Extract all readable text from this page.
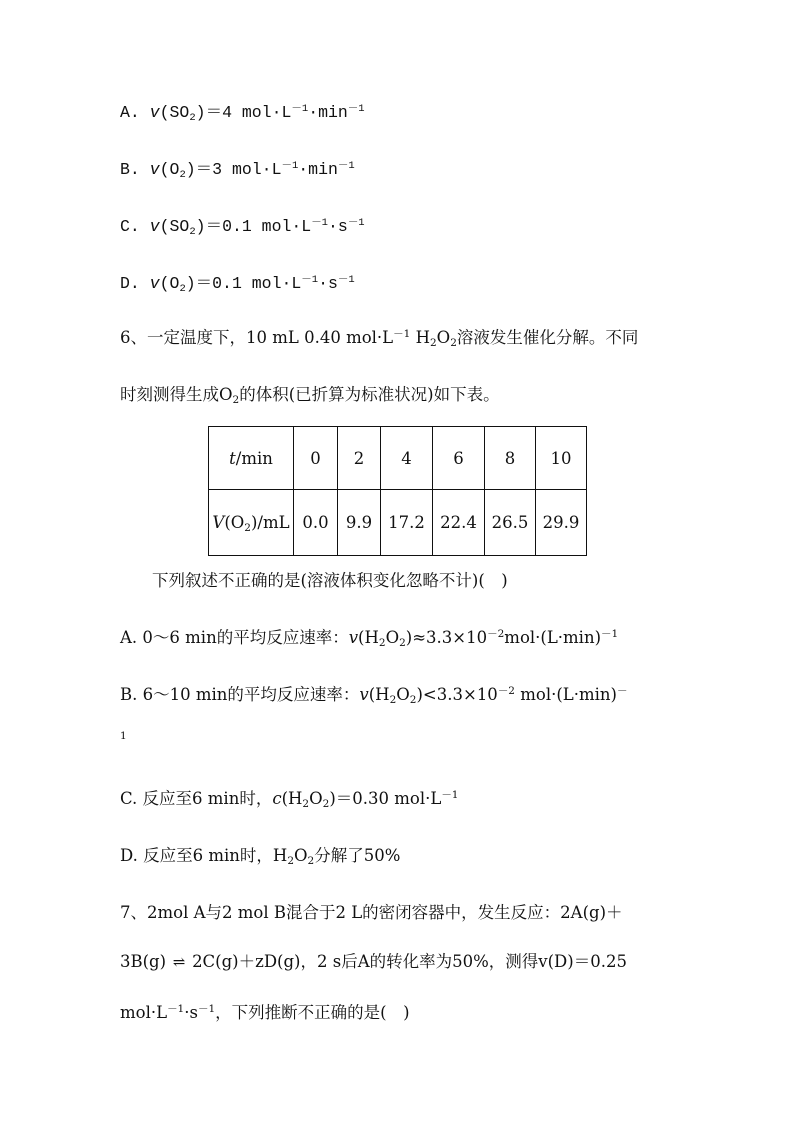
A. $v(SO_2)=4$ $mol\cdot L^{-1}\cdot\min^{-1}$
B. $v(O_2)=3$ $mol\cdot L^{-1}\cdot\min^{-1}$
C. $v(SO_2)=0.1$ $mol\cdot L^{-1}\cdot s^{-1}$
D. $v(O_2)=0.1$ $mol\cdot L^{-1}\cdot s^{-1}$
6、一定温度下，10 mL 0.40 $mol\cdot L^{-1}$ $H_2O_2$溶液发生催化分解。不同
时刻测得生成$O_2$的体积(已折算为标准状况)如下表。
t/min	0	2	4	6	8	10
$V(O_2)/mL$	0.0	9.9	17.2	22.4	26.5	29.9
下列叙述不正确的是(溶液体积变化忽略不计)(　)
A. 0～6 min的平均反应速率：$v(H_2O_2)\approx 3.3\times 10^{-2}mol\cdot(L\cdot\min)^{-1}$
B. 6～10 min的平均反应速率：$v(H_2O_2)<3.3\times 10^{-2}$ mol·(L·min)－
1
C. 反应至6 min时，$c(H_2O_2)=0.30$ $mol\cdot L^{-1}$
D. 反应至6 min时，$H_2O_2$分解了50%
7、2mol A与2 mol B混合于2 L的密闭容器中，发生反应：2A(g)＋
3B(g) ⇌ 2C(g)＋zD(g)，2 s后A的转化率为50%，测得v(D)＝0.25
$mol\cdot L^{-1}\cdot s^{-1}$，下列推断不正确的是(　)
